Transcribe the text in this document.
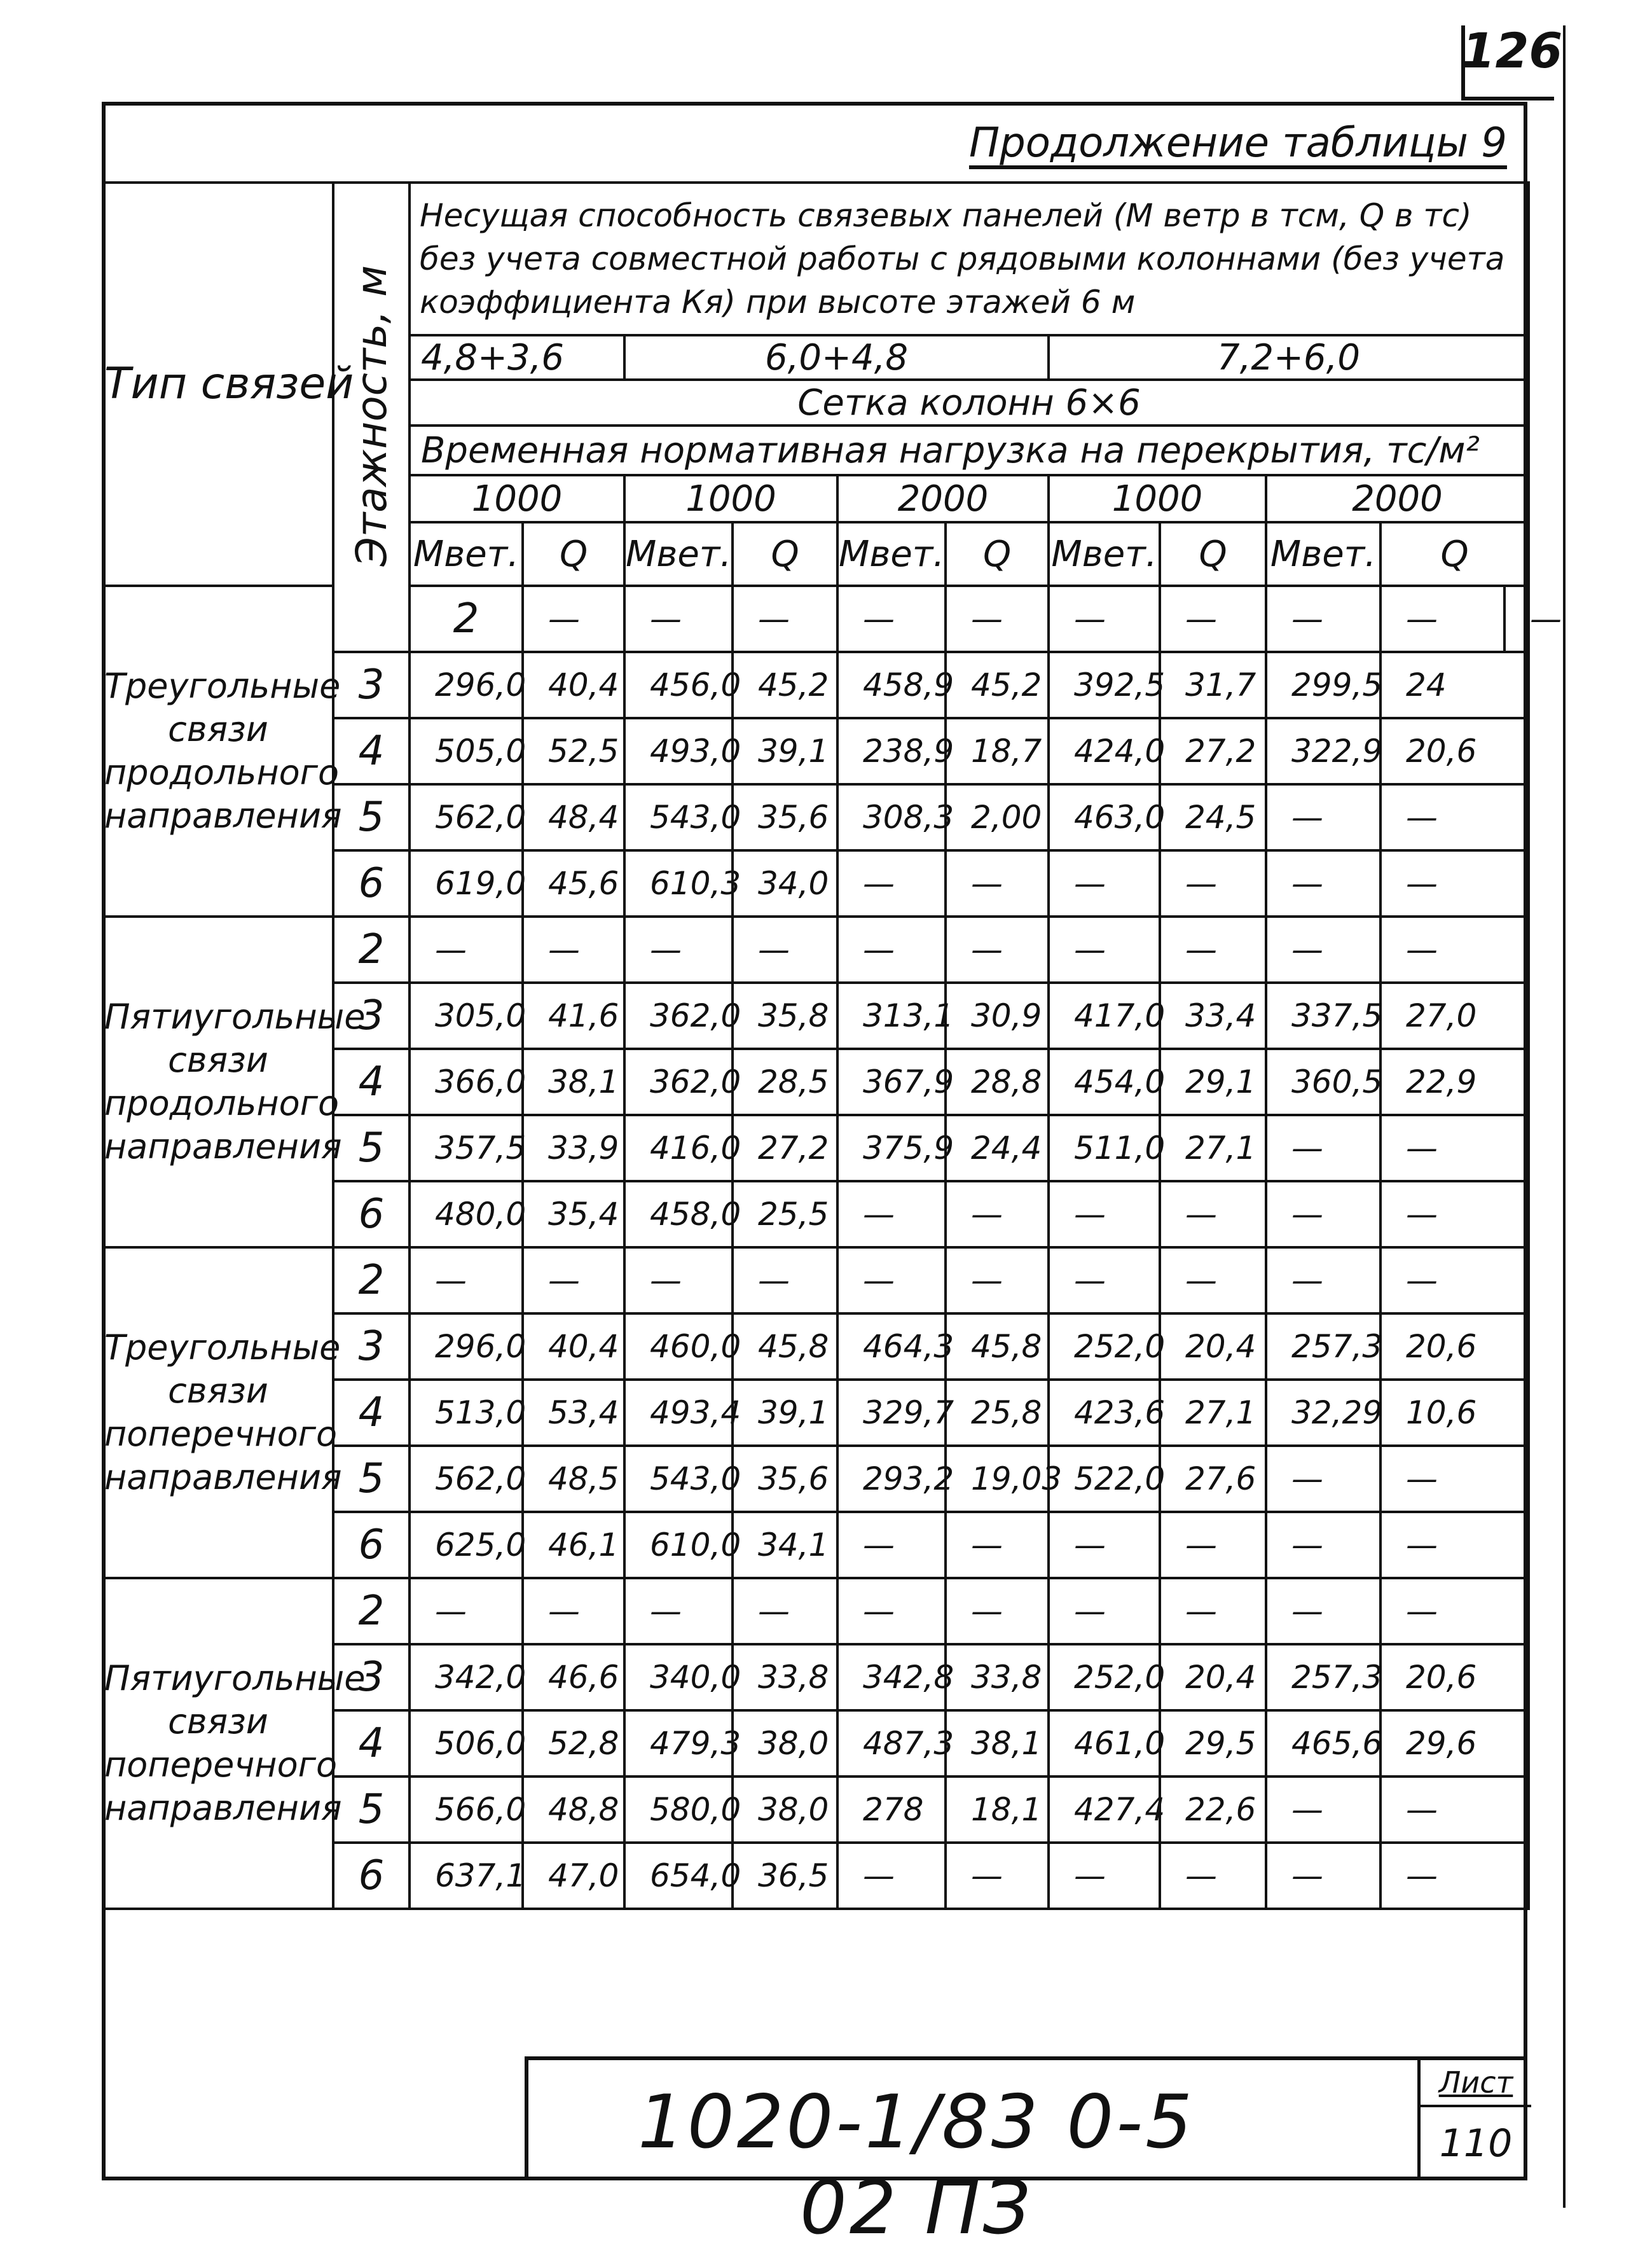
126
Продолжение таблицы 9
Тип связей	Этажность, м	Несущая способность связевых панелей (М ветр в тсм, Q в тс) без учета совместной работы с рядовыми колоннами (без учета коэффициента Кя) при высоте этажей 6 м										
		4,8+3,6		6,0+4,8				7,2+6,0				
		Сетка колонн 6×6										
		Временная нормативная нагрузка на перекрытия, тс/м²										
		1000		1000		2000		1000		2000		
		Мвет.	Q	Мвет.	Q	Мвет.	Q	Мвет.	Q	Мвет.	Q	
Треугольные связи продольного направления		2	—	—	—	—	—	—	—	—	—	—
	3	296,0	40,4	456,0	45,2	458,9	45,2	392,5	31,7	299,5	24	
	4	505,0	52,5	493,0	39,1	238,9	18,7	424,0	27,2	322,9	20,6	
	5	562,0	48,4	543,0	35,6	308,3	2,00	463,0	24,5	—	—	
	6	619,0	45,6	610,3	34,0	—	—	—	—	—	—	
Пятиугольные связи продольного направления	2	—	—	—	—	—	—	—	—	—	—	
	3	305,0	41,6	362,0	35,8	313,1	30,9	417,0	33,4	337,5	27,0	
	4	366,0	38,1	362,0	28,5	367,9	28,8	454,0	29,1	360,5	22,9	
	5	357,5	33,9	416,0	27,2	375,9	24,4	511,0	27,1	—	—	
	6	480,0	35,4	458,0	25,5	—	—	—	—	—	—	
Треугольные связи поперечного направления	2	—	—	—	—	—	—	—	—	—	—	
	3	296,0	40,4	460,0	45,8	464,3	45,8	252,0	20,4	257,3	20,6	
	4	513,0	53,4	493,4	39,1	329,7	25,8	423,6	27,1	32,29	10,6	
	5	562,0	48,5	543,0	35,6	293,2	19,03	522,0	27,6	—	—	
	6	625,0	46,1	610,0	34,1	—	—	—	—	—	—	
Пятиугольные связи поперечного направления	2	—	—	—	—	—	—	—	—	—	—	
	3	342,0	46,6	340,0	33,8	342,8	33,8	252,0	20,4	257,3	20,6	
	4	506,0	52,8	479,3	38,0	487,3	38,1	461,0	29,5	465,6	29,6	
	5	566,0	48,8	580,0	38,0	278	18,1	427,4	22,6	—	—	
	6	637,1	47,0	654,0	36,5	—	—	—	—	—	—	

1020-1/83 0-5 02 ПЗ
Лист
110
